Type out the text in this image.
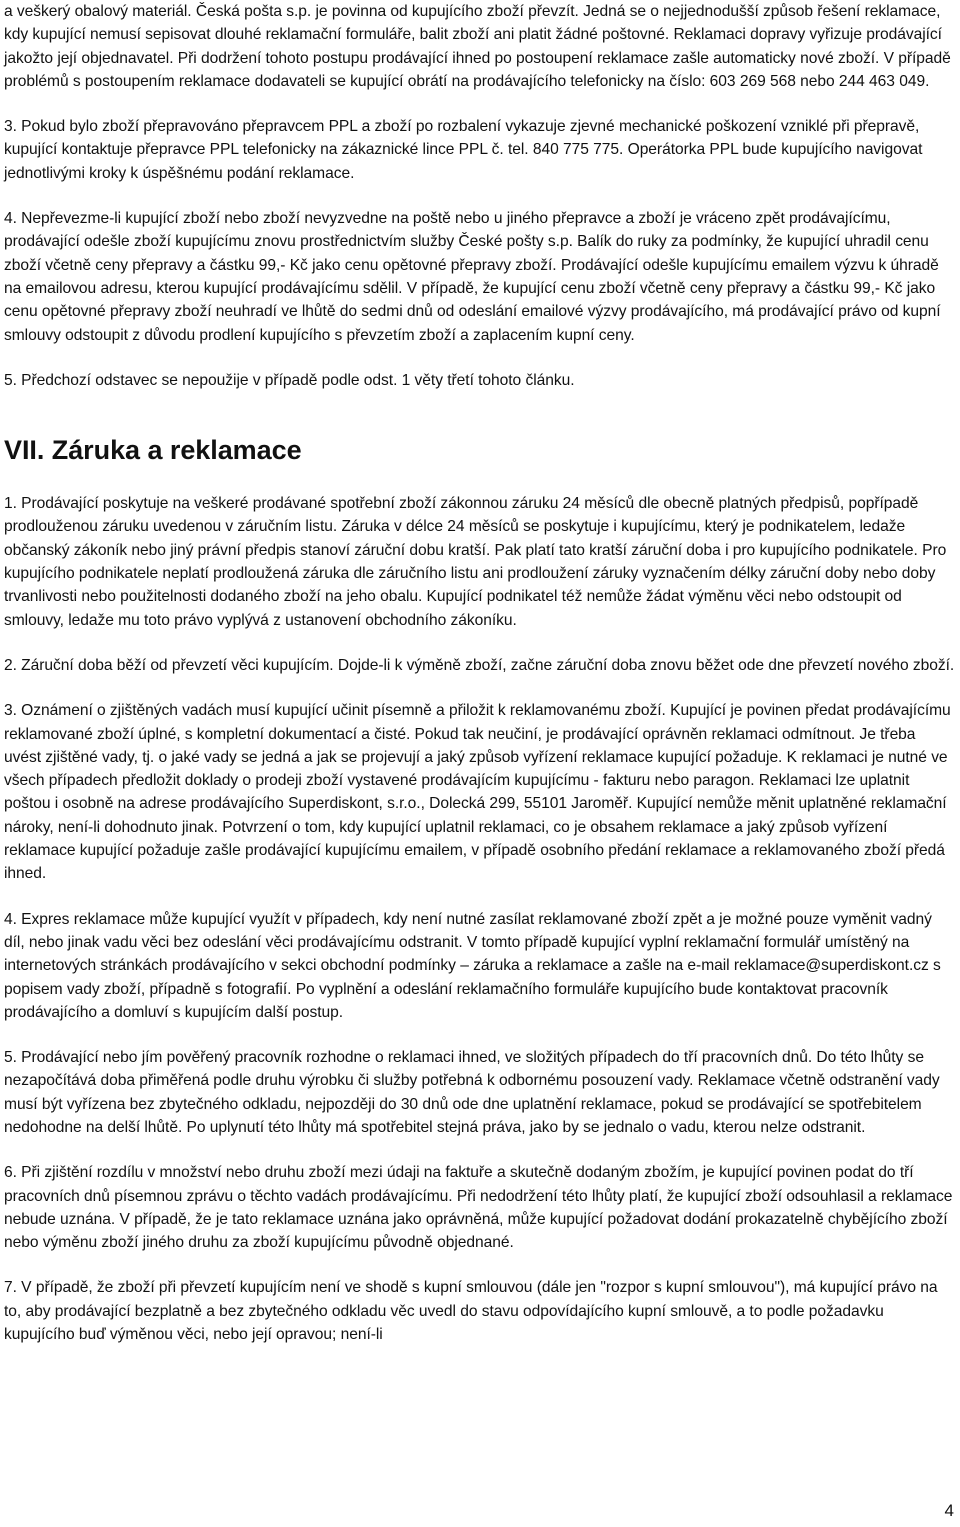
a veškerý obalový materiál. Česká pošta s.p. je povinna od kupujícího zboží převzít. Jedná se o nejjednodušší způsob řešení reklamace, kdy kupující nemusí sepisovat dlouhé reklamační formuláře, balit zboží ani platit žádné poštovné. Reklamaci dopravy vyřizuje prodávající jakožto její objednavatel. Při dodržení tohoto postupu prodávající ihned po postoupení reklamace zašle automaticky nové zboží. V případě problémů s postoupením reklamace dodavateli se kupující obrátí na prodávajícího telefonicky na číslo: 603 269 568 nebo 244 463 049.

3. Pokud bylo zboží přepravováno přepravcem PPL a zboží po rozbalení vykazuje zjevné mechanické poškození vzniklé při přepravě, kupující kontaktuje přepravce PPL telefonicky na zákaznické lince PPL č. tel. 840 775 775. Operátorka PPL bude kupujícího navigovat jednotlivými kroky k úspěšnému podání reklamace.

4. Nepřevezme-li kupující zboží nebo zboží nevyzvedne na poště nebo u jiného přepravce a zboží je vráceno zpět prodávajícímu, prodávající odešle zboží kupujícímu znovu prostřednictvím služby České pošty s.p. Balík do ruky za podmínky, že kupující uhradil cenu zboží včetně ceny přepravy a částku 99,- Kč jako cenu opětovné přepravy zboží. Prodávající odešle kupujícímu emailem výzvu k úhradě na emailovou adresu, kterou kupující prodávajícímu sdělil. V případě, že kupující cenu zboží včetně ceny přepravy a částku 99,- Kč jako cenu opětovné přepravy zboží neuhradí ve lhůtě do sedmi dnů od odeslání emailové výzvy prodávajícího, má prodávající právo od kupní smlouvy odstoupit z důvodu prodlení kupujícího s převzetím zboží a zaplacením kupní ceny.

5. Předchozí odstavec se nepoužije v případě podle odst. 1 věty třetí tohoto článku.

VII. Záruka a reklamace

1. Prodávající poskytuje na veškeré prodávané spotřební zboží zákonnou záruku 24 měsíců dle obecně platných předpisů, popřípadě prodlouženou záruku uvedenou v záručním listu. Záruka v délce 24 měsíců se poskytuje i kupujícímu, který je podnikatelem, ledaže občanský zákoník nebo jiný právní předpis stanoví záruční dobu kratší. Pak platí tato kratší záruční doba i pro kupujícího podnikatele. Pro kupujícího podnikatele neplatí prodloužená záruka dle záručního listu ani prodloužení záruky vyznačením délky záruční doby nebo doby trvanlivosti nebo použitelnosti dodaného zboží na jeho obalu. Kupující podnikatel též nemůže žádat výměnu věci nebo odstoupit od smlouvy, ledaže mu toto právo vyplývá z ustanovení obchodního zákoníku.

2. Záruční doba běží od převzetí věci kupujícím. Dojde-li k výměně zboží, začne záruční doba znovu běžet ode dne převzetí nového zboží.

3. Oznámení o zjištěných vadách musí kupující učinit písemně a přiložit k reklamovanému zboží. Kupující je povinen předat prodávajícímu reklamované zboží úplné, s kompletní dokumentací a čisté. Pokud tak neučiní, je prodávající oprávněn reklamaci odmítnout. Je třeba uvést zjištěné vady, tj. o jaké vady se jedná a jak se projevují a jaký způsob vyřízení reklamace kupující požaduje. K reklamaci je nutné ve všech případech předložit doklady o prodeji zboží vystavené prodávajícím kupujícímu - fakturu nebo paragon. Reklamaci lze uplatnit poštou i osobně na adrese prodávajícího Superdiskont, s.r.o., Dolecká 299, 55101 Jaroměř. Kupující nemůže měnit uplatněné reklamační nároky, není-li dohodnuto jinak. Potvrzení o tom, kdy kupující uplatnil reklamaci, co je obsahem reklamace a jaký způsob vyřízení reklamace kupující požaduje zašle prodávající kupujícímu emailem, v případě osobního předání reklamace a reklamovaného zboží předá ihned.

4. Expres reklamace může kupující využít v případech, kdy není nutné zasílat reklamované zboží zpět a je možné pouze vyměnit vadný díl, nebo jinak vadu věci bez odeslání věci prodávajícímu odstranit. V tomto případě kupující vyplní reklamační formulář umístěný na internetových stránkách prodávajícího v sekci obchodní podmínky – záruka a reklamace a zašle na e-mail reklamace@superdiskont.cz s popisem vady zboží, případně s fotografií. Po vyplnění a odeslání reklamačního formuláře kupujícího bude kontaktovat pracovník prodávajícího a domluví s kupujícím další postup.

5. Prodávající nebo jím pověřený pracovník rozhodne o reklamaci ihned, ve složitých případech do tří pracovních dnů. Do této lhůty se nezapočítává doba přiměřená podle druhu výrobku či služby potřebná k odbornému posouzení vady. Reklamace včetně odstranění vady musí být vyřízena bez zbytečného odkladu, nejpozději do 30 dnů ode dne uplatnění reklamace, pokud se prodávající se spotřebitelem nedohodne na delší lhůtě. Po uplynutí této lhůty má spotřebitel stejná práva, jako by se jednalo o vadu, kterou nelze odstranit.

6. Při zjištění rozdílu v množství nebo druhu zboží mezi údaji na faktuře a skutečně dodaným zbožím, je kupující povinen podat do tří pracovních dnů písemnou zprávu o těchto vadách prodávajícímu. Při nedodržení této lhůty platí, že kupující zboží odsouhlasil a reklamace nebude uznána. V případě, že je tato reklamace uznána jako oprávněná, může kupující požadovat dodání prokazatelně chybějícího zboží nebo výměnu zboží jiného druhu za zboží kupujícímu původně objednané.

7. V případě, že zboží při převzetí kupujícím není ve shodě s kupní smlouvou (dále jen "rozpor s kupní smlouvou"), má kupující právo na to, aby prodávající bezplatně a bez zbytečného odkladu věc uvedl do stavu odpovídajícího kupní smlouvě, a to podle požadavku kupujícího buď výměnou věci, nebo její opravou; není-li

4
